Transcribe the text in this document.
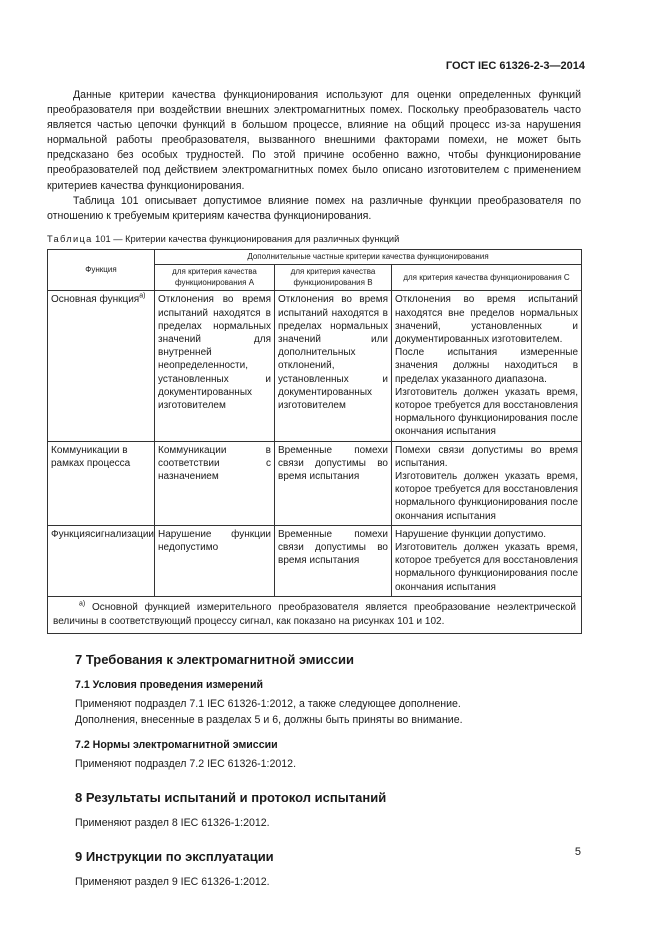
ГОСТ IEC 61326-2-3—2014

Данные критерии качества функционирования используют для оценки определенных функций преобразователя при воздействии внешних электромагнитных помех. Поскольку преобразователь часто является частью цепочки функций в большом процессе, влияние на общий процесс из-за нарушения нормальной работы преобразователя, вызванного внешними факторами помехи, не может быть предсказано без особых трудностей. По этой причине особенно важно, чтобы функционирование преобразователей под действием электромагнитных помех было описано изготовителем с применением критериев качества функционирования.

Таблица 101 описывает допустимое влияние помех на различные функции преобразователя по отношению к требуемым критериям качества функционирования.

Таблица 101 — Критерии качества функционирования для различных функций
Функция	Дополнительные частные критерии качества функционирования		
	для критерия качества функционирования А	для критерия качества функционирования В	для критерия качества функционирования С
Основная функция$^{а)}$	Отклонения во время испытаний находятся в пределах нормальных значений для внутренней неопределенности, установленных и документированных изготовителем	Отклонения во время испытаний находятся в пределах нормальных значений или дополнительных отклонений, установленных и документированных изготовителем	Отклонения во время испытаний находятся вне пределов нормальных значений, установленных и документированных изготовителем.
После испытания измеренные значения должны находиться в пределах указанного диапазона.
Изготовитель должен указать время, которое требуется для восстановления нормального функционирования после окончания испытания

Коммуникации в рамках процесса	Коммуникации в соответствии с назначением	Временные помехи связи допустимы во время испытания	Помехи связи допустимы во время испытания.
Изготовитель должен указать время, которое требуется для восстановления нормального функционирования после окончания испытания

Функциясигнализации	Нарушение функции недопустимо	Временные помехи связи допустимы во время испытания	Нарушение функции допустимо.
Изготовитель должен указать время, которое требуется для восстановления нормального функционирования после окончания испытания

$^{а)}$ Основной функцией измерительного преобразователя является преобразование неэлектрической величины в соответствующий процессу сигнал, как показано на рисунках 101 и 102.			
7 Требования к электромагнитной эмиссии
7.1 Условия проведения измерений

Применяют подраздел 7.1 IEC 61326-1:2012, а также следующее дополнение.

Дополнения, внесенные в разделах 5 и 6, должны быть приняты во внимание.

7.2 Нормы электромагнитной эмиссии

Применяют подраздел 7.2 IEC 61326-1:2012.

8 Результаты испытаний и протокол испытаний

Применяют раздел 8 IEC 61326-1:2012.

9 Инструкции по эксплуатации

Применяют раздел 9 IEC 61326-1:2012.

5
